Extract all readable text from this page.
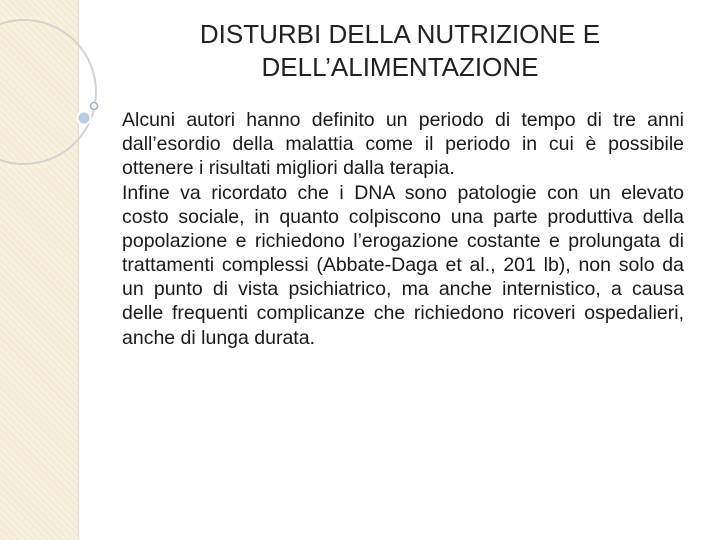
DISTURBI DELLA NUTRIZIONE E
DELL’ALIMENTAZIONE

Alcuni autori hanno definito un periodo di tempo di tre anni dall’esordio della malattia come il periodo in cui è possibile ottenere i risultati migliori dalla terapia.

Infine va ricordato che i DNA sono patologie con un elevato costo sociale, in quanto colpiscono una parte produttiva della popolazione e richiedono l’erogazione costante e prolungata di trattamenti complessi (Abbate-Daga et al., 201 lb), non solo da un punto di vista psichiatrico, ma anche internistico, a causa delle frequenti complicanze che richiedono ricoveri ospedalieri, anche di lunga durata.
